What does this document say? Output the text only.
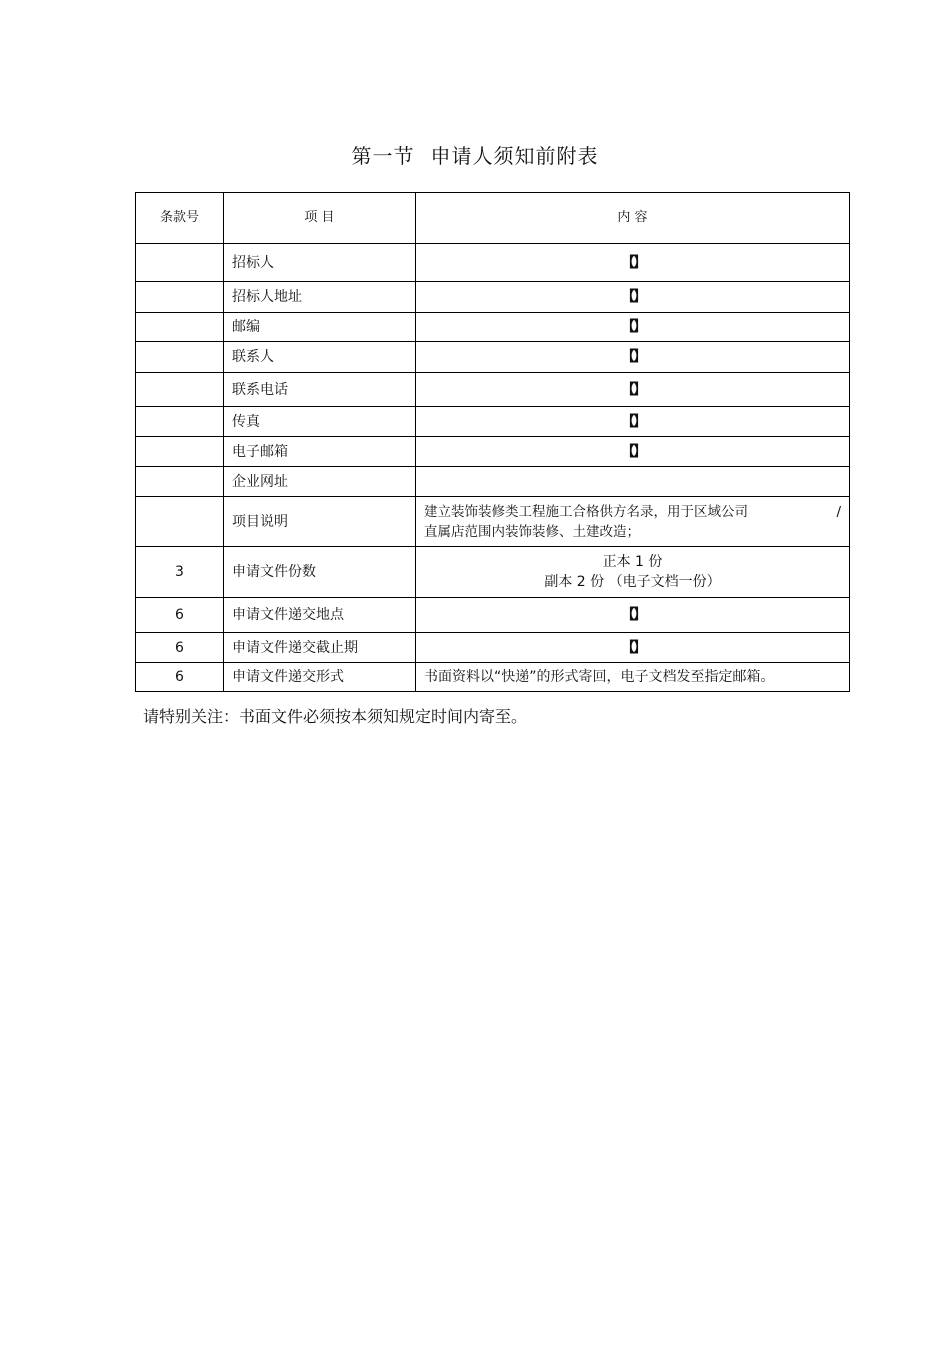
第一节 申请人须知前附表
条款号	项 目	内 容
	招标人	【】
	招标人地址	【】
	邮编	【】
	联系人	【】
	联系电话	【】
	传真	【】
	电子邮箱	【】
	企业网址	
	项目说明	建立装饰装修类工程施工合格供方名录，用于区域公司 /
直属店范围内装饰装修、土建改造；

3	申请文件份数	正本 1 份
副本 2 份 （电子文档一份）

6	申请文件递交地点	【】
6	申请文件递交截止期	【】
6	申请文件递交形式	书面资料以“快递”的形式寄回，电子文档发至指定邮箱。
请特别关注：书面文件必须按本须知规定时间内寄至。
